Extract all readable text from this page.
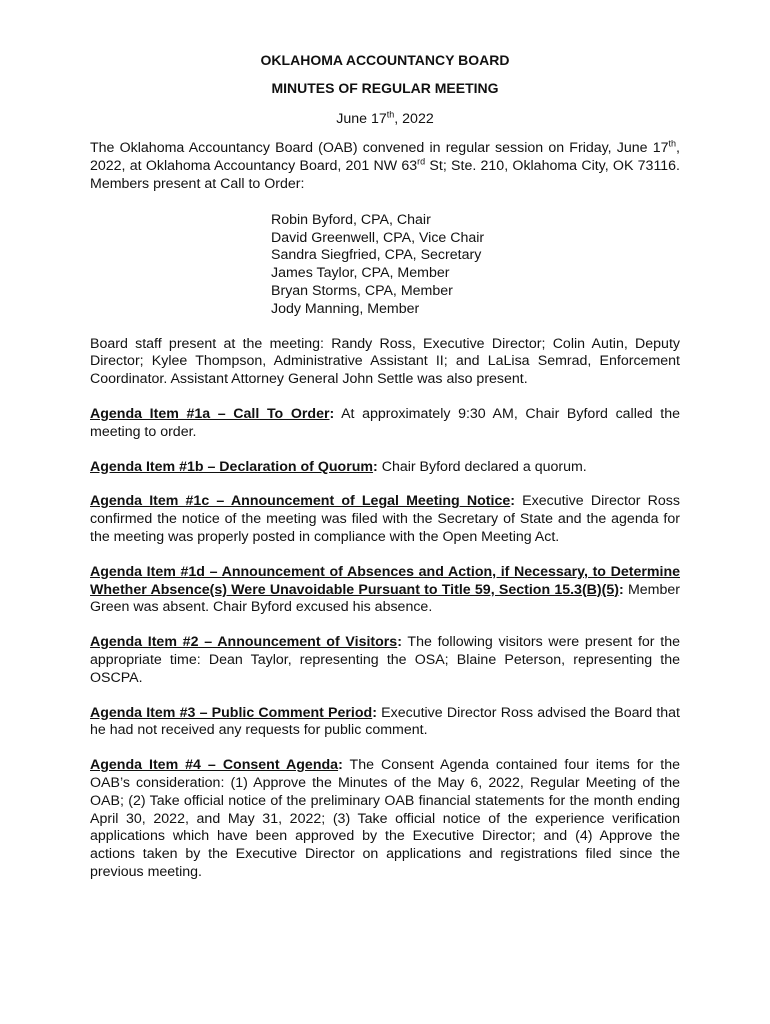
OKLAHOMA ACCOUNTANCY BOARD

MINUTES OF REGULAR MEETING

June 17th, 2022

The Oklahoma Accountancy Board (OAB) convened in regular session on Friday, June 17th, 2022, at Oklahoma Accountancy Board, 201 NW 63rd St; Ste. 210, Oklahoma City, OK 73116. Members present at Call to Order:

Robin Byford, CPA, Chair
David Greenwell, CPA, Vice Chair
Sandra Siegfried, CPA, Secretary
James Taylor, CPA, Member
Bryan Storms, CPA, Member
Jody Manning, Member

Board staff present at the meeting: Randy Ross, Executive Director; Colin Autin, Deputy Director; Kylee Thompson, Administrative Assistant II; and LaLisa Semrad, Enforcement Coordinator. Assistant Attorney General John Settle was also present.

Agenda Item #1a – Call To Order: At approximately 9:30 AM, Chair Byford called the meeting to order.

Agenda Item #1b – Declaration of Quorum: Chair Byford declared a quorum.

Agenda Item #1c – Announcement of Legal Meeting Notice: Executive Director Ross confirmed the notice of the meeting was filed with the Secretary of State and the agenda for the meeting was properly posted in compliance with the Open Meeting Act.

Agenda Item #1d – Announcement of Absences and Action, if Necessary, to Determine Whether Absence(s) Were Unavoidable Pursuant to Title 59, Section 15.3(B)(5): Member Green was absent. Chair Byford excused his absence.

Agenda Item #2 – Announcement of Visitors: The following visitors were present for the appropriate time: Dean Taylor, representing the OSA; Blaine Peterson, representing the OSCPA.

Agenda Item #3 – Public Comment Period: Executive Director Ross advised the Board that he had not received any requests for public comment.

Agenda Item #4 – Consent Agenda: The Consent Agenda contained four items for the OAB’s consideration: (1) Approve the Minutes of the May 6, 2022, Regular Meeting of the OAB; (2) Take official notice of the preliminary OAB financial statements for the month ending April 30, 2022, and May 31, 2022; (3) Take official notice of the experience verification applications which have been approved by the Executive Director; and (4) Approve the actions taken by the Executive Director on applications and registrations filed since the previous meeting.
